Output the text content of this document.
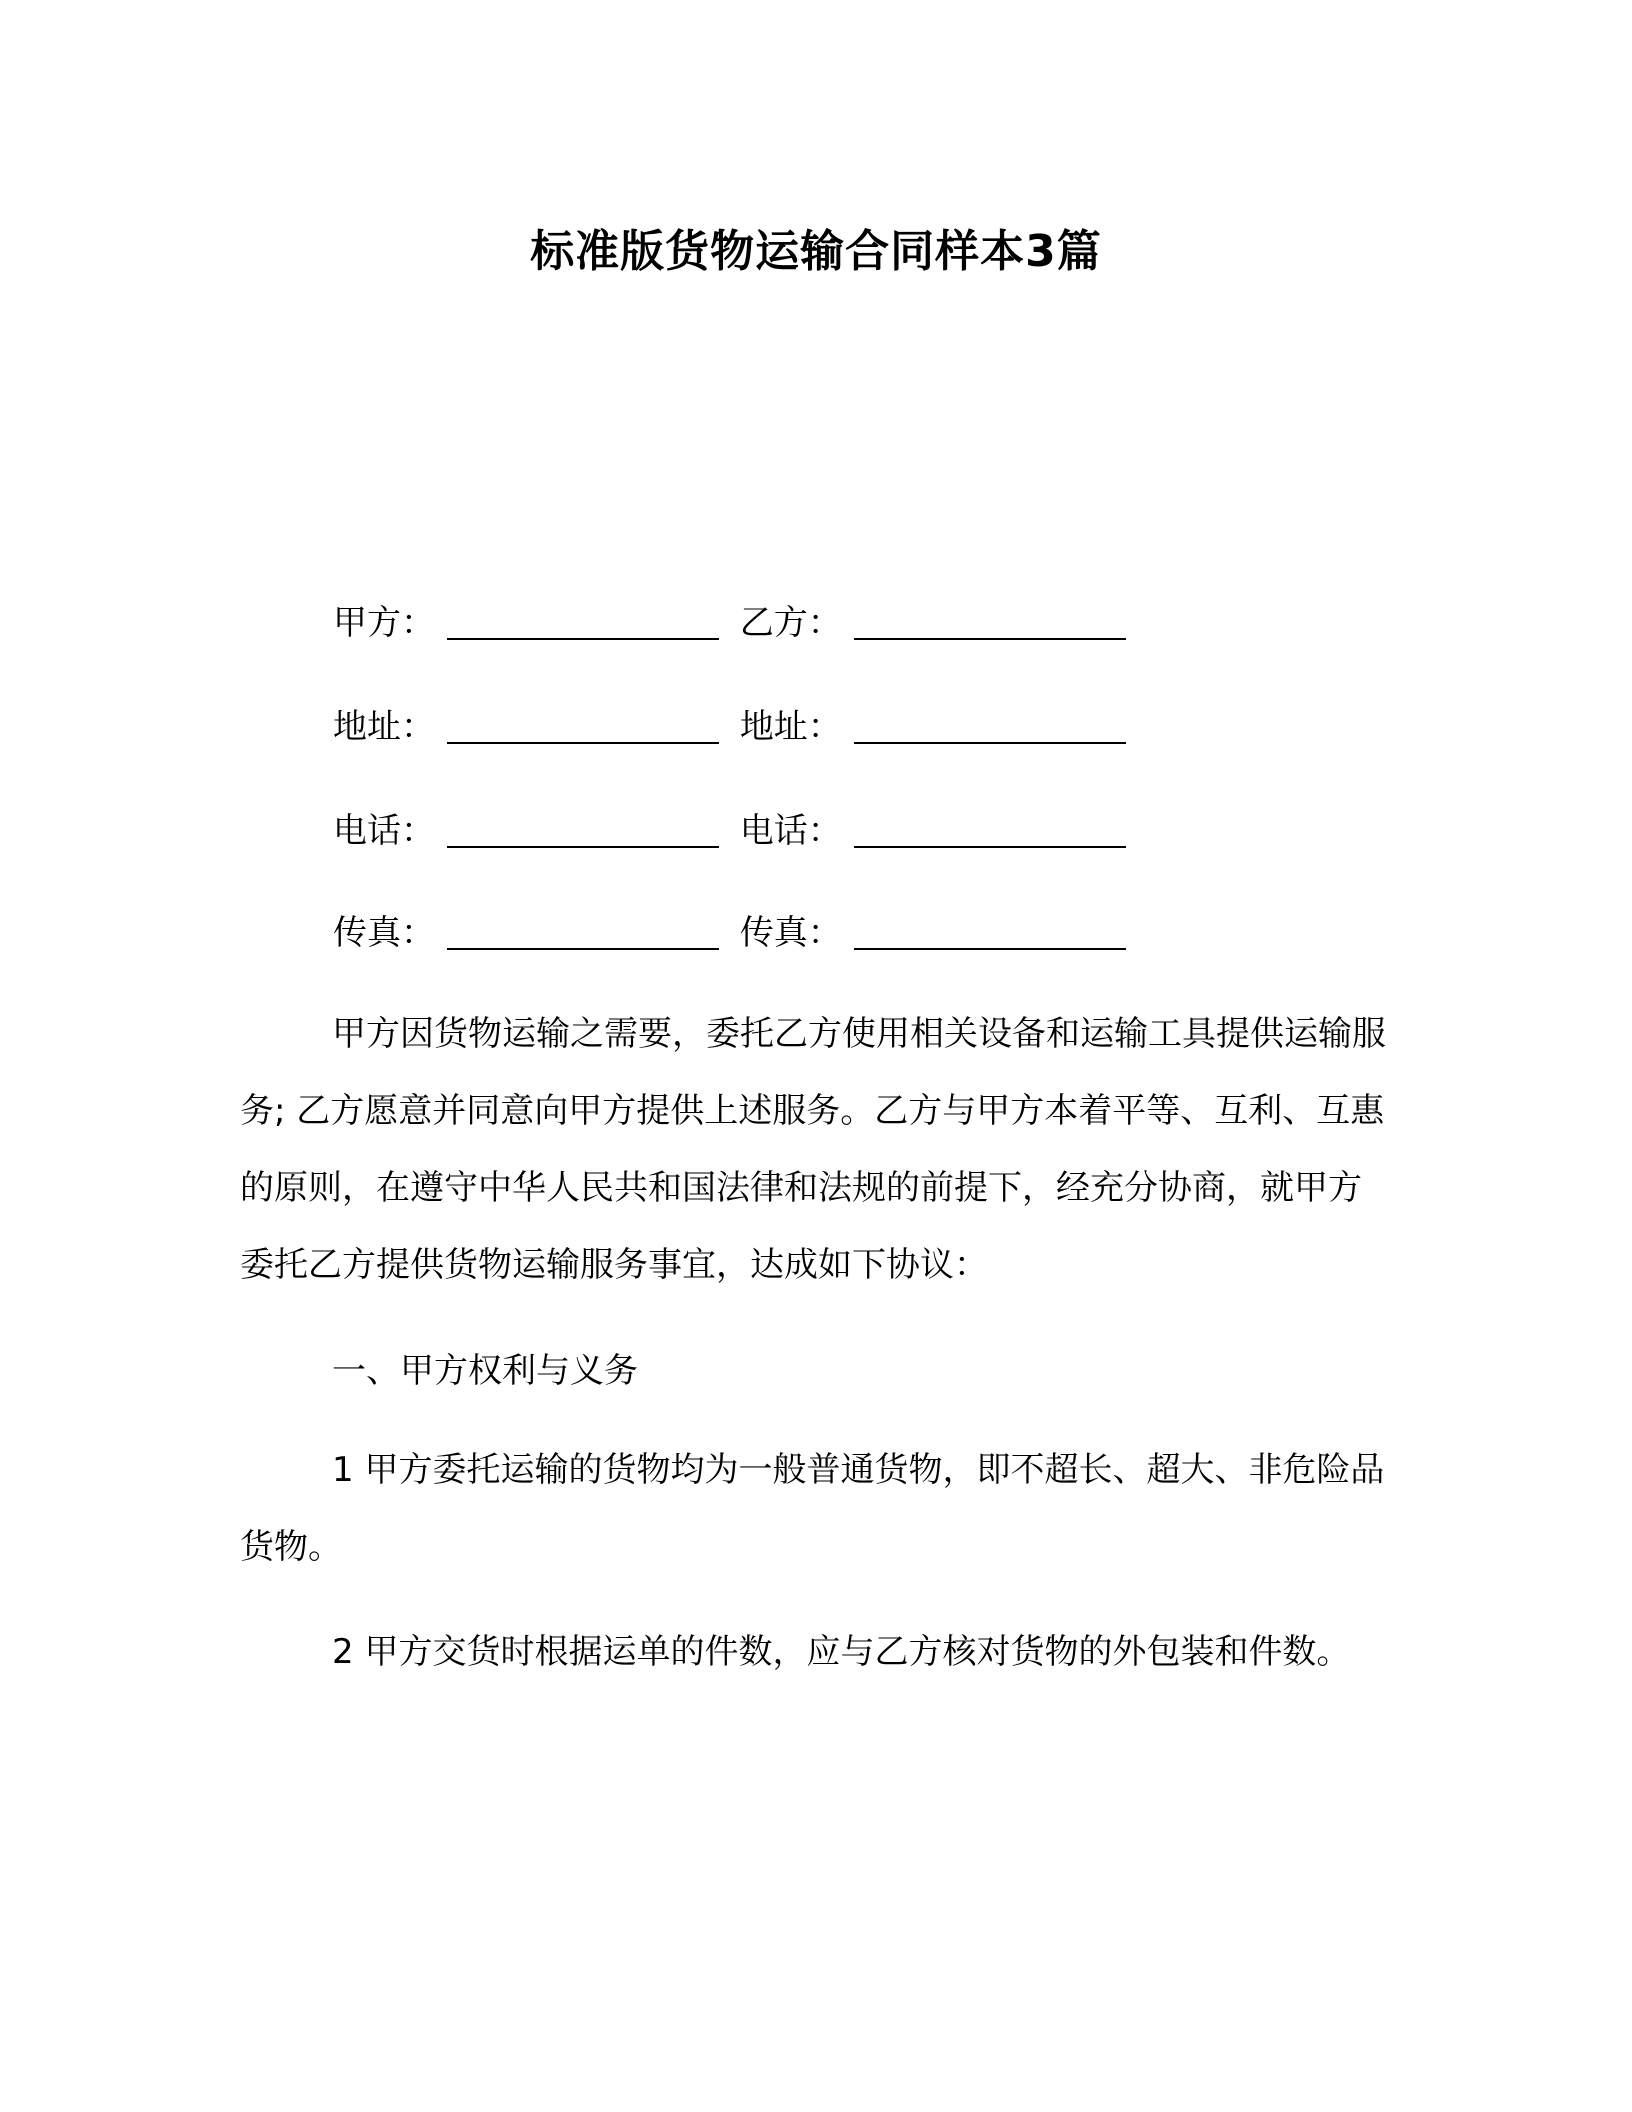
标准版货物运输合同样本3篇
甲方：	乙方：
地址：	地址：
电话：	电话：
传真：	传真：

甲方因货物运输之需要，委托乙方使用相关设备和运输工具提供运输服务; 乙方愿意并同意向甲方提供上述服务。乙方与甲方本着平等、互利、互惠的原则，在遵守中华人民共和国法律和法规的前提下，经充分协商，就甲方委托乙方提供货物运输服务事宜，达成如下协议：

一、甲方权利与义务

1 甲方委托运输的货物均为一般普通货物，即不超长、超大、非危险品货物。

2 甲方交货时根据运单的件数，应与乙方核对货物的外包装和件数。
